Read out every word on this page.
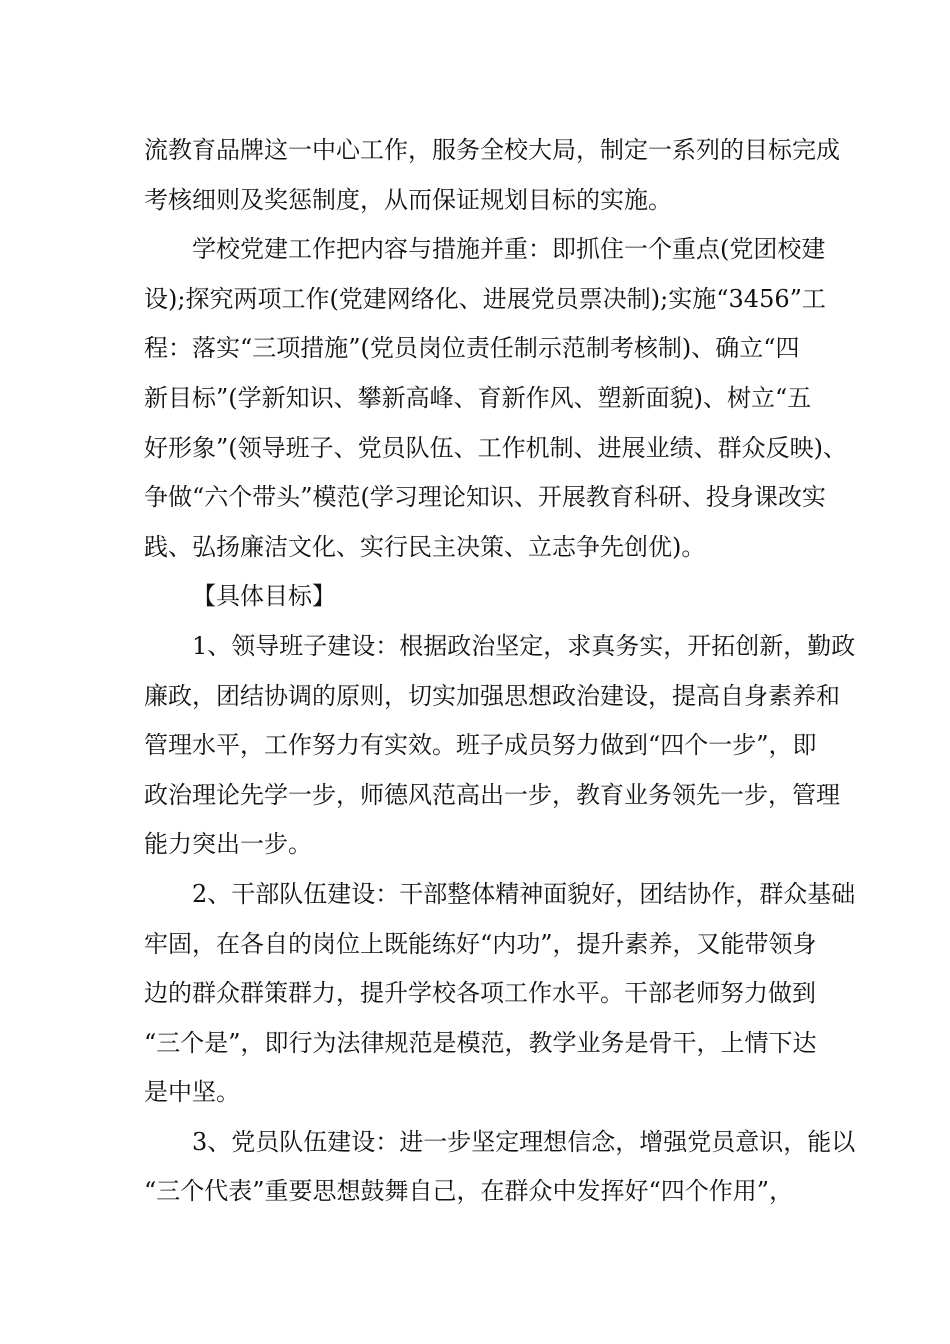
流教育品牌这一中心工作，服务全校大局，制定一系列的目标完成
考核细则及奖惩制度，从而保证规划目标的实施。
学校党建工作把内容与措施并重：即抓住一个重点(党团校建
设);探究两项工作(党建网络化、进展党员票决制);实施“3456”工
程：落实“三项措施”(党员岗位责任制示范制考核制)、确立“四
新目标”(学新知识、攀新高峰、育新作风、塑新面貌)、树立“五
好形象”(领导班子、党员队伍、工作机制、进展业绩、群众反映)、
争做“六个带头”模范(学习理论知识、开展教育科研、投身课改实
践、弘扬廉洁文化、实行民主决策、立志争先创优)。
【具体目标】
1、领导班子建设：根据政治坚定，求真务实，开拓创新，勤政
廉政，团结协调的原则，切实加强思想政治建设，提高自身素养和
管理水平，工作努力有实效。班子成员努力做到“四个一步”，即
政治理论先学一步，师德风范高出一步，教育业务领先一步，管理
能力突出一步。
2、干部队伍建设：干部整体精神面貌好，团结协作，群众基础
牢固，在各自的岗位上既能练好“内功”，提升素养，又能带领身
边的群众群策群力，提升学校各项工作水平。干部老师努力做到
“三个是”，即行为法律规范是模范，教学业务是骨干，上情下达
是中坚。
3、党员队伍建设：进一步坚定理想信念，增强党员意识，能以
“三个代表”重要思想鼓舞自己，在群众中发挥好“四个作用”，
